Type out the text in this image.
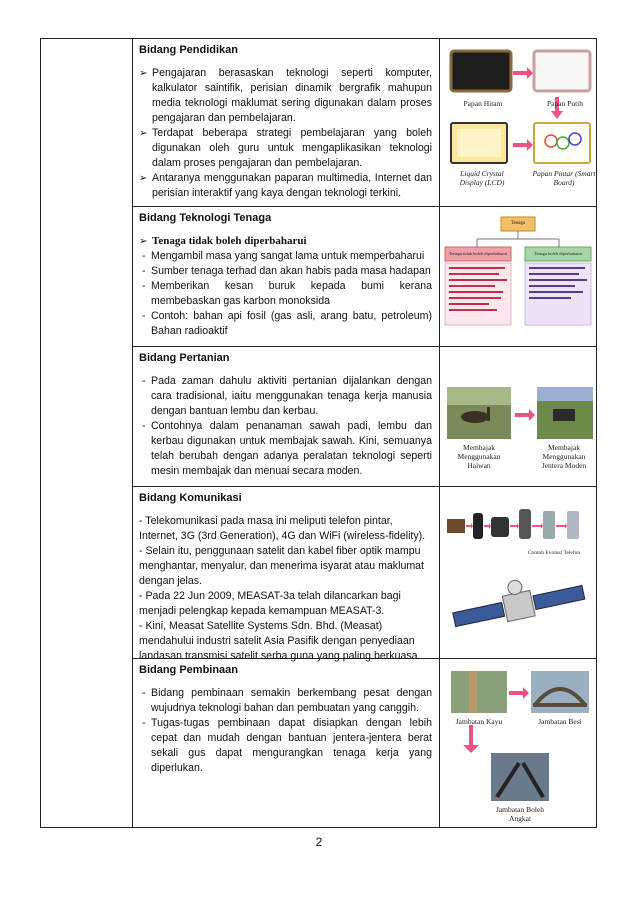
Bidang Pendidikan
➢ Pengajaran berasaskan teknologi seperti komputer, kalkulator saintifik, perisian dinamik bergrafik mahupun media teknologi maklumat sering digunakan dalam proses pengajaran dan pembelajaran.
➢ Terdapat beberapa strategi pembelajaran yang boleh digunakan oleh guru untuk mengaplikasikan teknologi dalam proses pengajaran dan pembelajaran.
➢ Antaranya menggunakan paparan multimedia, Internet dan perisian interaktif yang kaya dengan teknologi terkini.
Papan Hitam	Papan Putih
Liquid Crystal Display (LCD)
Papan Pintar (Smart Board)
Bidang Teknologi Tenaga
➢ Tenaga tidak boleh diperbaharui
- Mengambil masa yang sangat lama untuk memperbaharui
- Sumber tenaga terhad dan akan habis pada masa hadapan
- Memberikan kesan buruk kepada bumi kerana membebaskan gas karbon monoksida
- Contoh: bahan api fosil (gas asli, arang batu, petroleum) Bahan radioaktif
Tenaga
Tenaga tidak boleh diperbaharui	Tenaga boleh diperbaharui
Bidang Pertanian
- Pada zaman dahulu aktiviti pertanian dijalankan dengan cara tradisional, iaitu menggunakan tenaga kerja manusia dengan bantuan lembu dan kerbau.
- Contohnya dalam penanaman sawah padi, lembu dan kerbau digunakan untuk membajak sawah. Kini, semuanya telah berubah dengan adanya peralatan teknologi seperti mesin membajak dan menuai secara moden.
Membajak Menggunakan Haiwan
Membajak Menggunakan Jentera Moden
Bidang Komunikasi

- Telekomunikasi pada masa ini meliputi telefon pintar, Internet, 3G (3rd Generation), 4G dan WiFi (wireless-fidelity).

- Selain itu, penggunaan satelit dan kabel fiber optik mampu menghantar, menyalur, dan menerima isyarat atau maklumat dengan jelas.

- Pada 22 Jun 2009, MEASAT-3a telah dilancarkan bagi menjadi pelengkap kepada kemampuan MEASAT-3.

- Kini, Measat Satellite Systems Sdn. Bhd. (Measat) mendahului industri satelit Asia Pasifik dengan penyediaan landasan transmisi satelit serba guna yang paling berkuasa.

Contoh Evolusi Telefon
Bidang Pembinaan
- Bidang pembinaan semakin berkembang pesat dengan wujudnya teknologi bahan dan pembuatan yang canggih.
- Tugas-tugas pembinaan dapat disiapkan dengan lebih cepat dan mudah dengan bantuan jentera-jentera berat sekali gus dapat mengurangkan tenaga kerja yang diperlukan.
Jambatan Kayu	Jambatan Besi
Jambatan Boleh Angkat
2
